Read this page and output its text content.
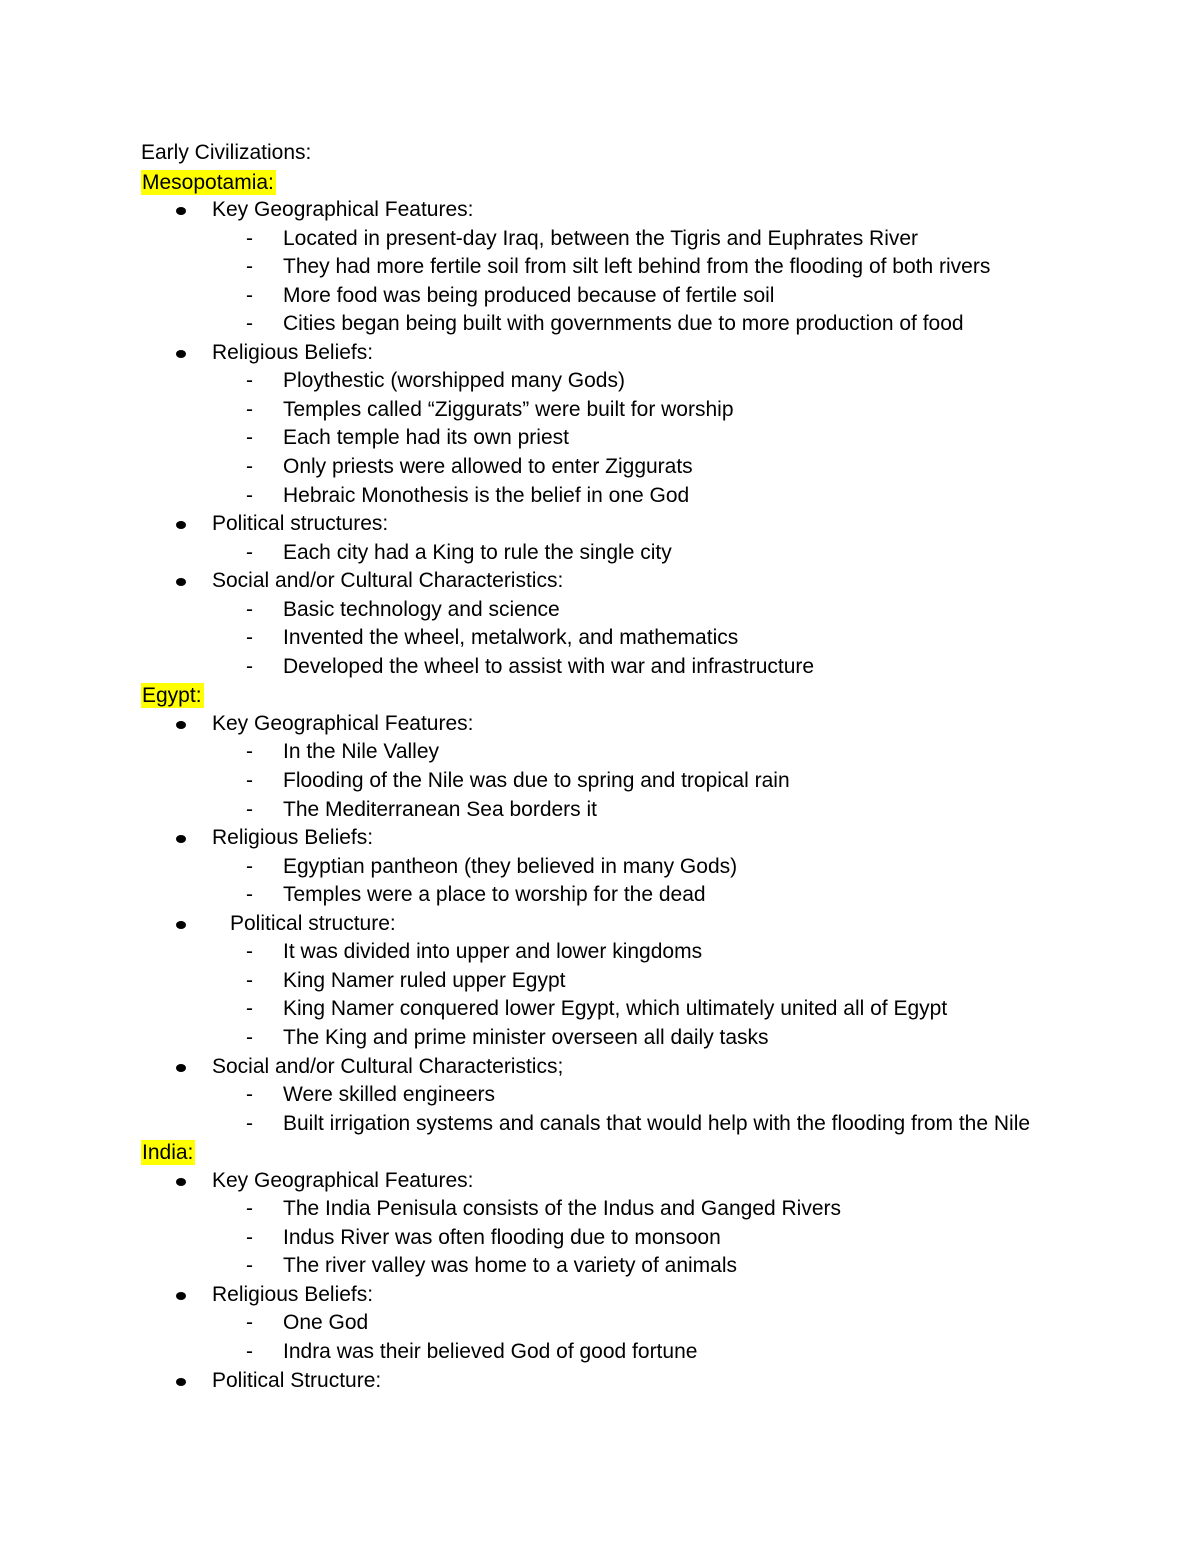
Early Civilizations:
Mesopotamia:
Key Geographical Features:
- Located in present-day Iraq, between the Tigris and Euphrates River
- They had more fertile soil from silt left behind from the flooding of both rivers
- More food was being produced because of fertile soil
- Cities began being built with governments due to more production of food
Religious Beliefs:
- Ploythestic (worshipped many Gods)
- Temples called “Ziggurats” were built for worship
- Each temple had its own priest
- Only priests were allowed to enter Ziggurats
- Hebraic Monothesis is the belief in one God
Political structures:
- Each city had a King to rule the single city
Social and/or Cultural Characteristics:
- Basic technology and science
- Invented the wheel, metalwork, and mathematics
- Developed the wheel to assist with war and infrastructure
Egypt:
Key Geographical Features:
- In the Nile Valley
- Flooding of the Nile was due to spring and tropical rain
- The Mediterranean Sea borders it
Religious Beliefs:
- Egyptian pantheon (they believed in many Gods)
- Temples were a place to worship for the dead
Political structure:
- It was divided into upper and lower kingdoms
- King Namer ruled upper Egypt
- King Namer conquered lower Egypt, which ultimately united all of Egypt
- The King and prime minister overseen all daily tasks
Social and/or Cultural Characteristics;
- Were skilled engineers
- Built irrigation systems and canals that would help with the flooding from the Nile
India:
Key Geographical Features:
- The India Penisula consists of the Indus and Ganged Rivers
- Indus River was often flooding due to monsoon
- The river valley was home to a variety of animals
Religious Beliefs:
- One God
- Indra was their believed God of good fortune
Political Structure:
